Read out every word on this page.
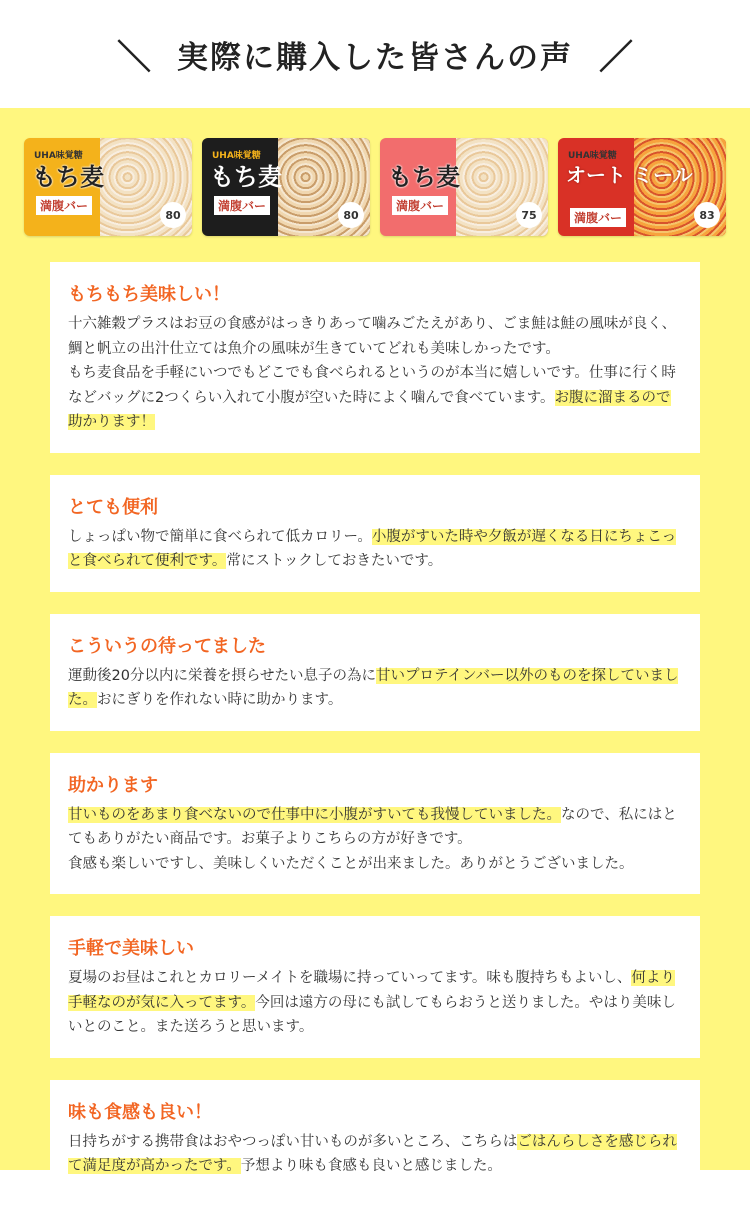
＼ 実際に購入した皆さんの声 ／
UHA味覚糖
もち麦
満腹バー
80
UHA味覚糖
もち麦
満腹バー
80
もち麦
満腹バー
75
UHA味覚糖
オート ミール
満腹バー	83
もちもち美味しい！

十六雑穀プラスはお豆の食感がはっきりあって噛みごたえがあり、ごま鮭は鮭の風味が良く、鯛と帆立の出汁仕立ては魚介の風味が生きていてどれも美味しかったです。
もち麦食品を手軽にいつでもどこでも食べられるというのが本当に嬉しいです。仕事に行く時などバッグに2つくらい入れて小腹が空いた時によく噛んで食べています。お腹に溜まるので助かります！

とても便利

しょっぱい物で簡単に食べられて低カロリー。小腹がすいた時や夕飯が遅くなる日にちょこっと食べられて便利です。常にストックしておきたいです。

こういうの待ってました

運動後20分以内に栄養を摂らせたい息子の為に甘いプロテインバー以外のものを探していました。おにぎりを作れない時に助かります。

助かります

甘いものをあまり食べないので仕事中に小腹がすいても我慢していました。なので、私にはとてもありがたい商品です。お菓子よりこちらの方が好きです。
食感も楽しいですし、美味しくいただくことが出来ました。ありがとうございました。

手軽で美味しい

夏場のお昼はこれとカロリーメイトを職場に持っていってます。味も腹持ちもよいし、何より手軽なのが気に入ってます。今回は遠方の母にも試してもらおうと送りました。やはり美味しいとのこと。また送ろうと思います。

味も食感も良い！

日持ちがする携帯食はおやつっぽい甘いものが多いところ、こちらはごはんらしさを感じられて満足度が高かったです。予想より味も食感も良いと感じました。
